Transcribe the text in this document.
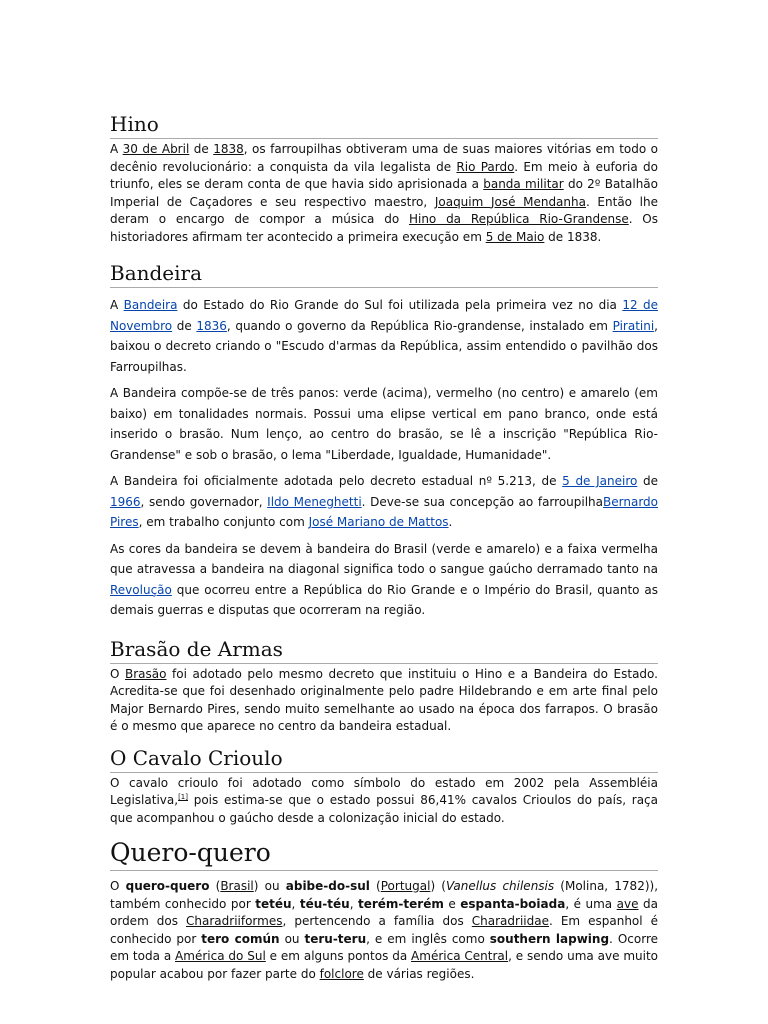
Hino

A 30 de Abril de 1838, os farroupilhas obtiveram uma de suas maiores vitórias em todo o decênio revolucionário: a conquista da vila legalista de Rio Pardo. Em meio à euforia do triunfo, eles se deram conta de que havia sido aprisionada a banda militar do 2º Batalhão Imperial de Caçadores e seu respectivo maestro, Joaquim José Mendanha. Então lhe deram o encargo de compor a música do Hino da República Rio-Grandense. Os historiadores afirmam ter acontecido a primeira execução em 5 de Maio de 1838.

Bandeira

A Bandeira do Estado do Rio Grande do Sul foi utilizada pela primeira vez no dia 12 de Novembro de 1836, quando o governo da República Rio-grandense, instalado em Piratini, baixou o decreto criando o "Escudo d'armas da República, assim entendido o pavilhão dos Farroupilhas.

A Bandeira compõe-se de três panos: verde (acima), vermelho (no centro) e amarelo (em baixo) em tonalidades normais. Possui uma elipse vertical em pano branco, onde está inserido o brasão. Num lenço, ao centro do brasão, se lê a inscrição "República Rio-Grandense" e sob o brasão, o lema "Liberdade, Igualdade, Humanidade".

A Bandeira foi oficialmente adotada pelo decreto estadual nº 5.213, de 5 de Janeiro de 1966, sendo governador, Ildo Meneghetti. Deve-se sua concepção ao farroupilhaBernardo Pires, em trabalho conjunto com José Mariano de Mattos.

As cores da bandeira se devem à bandeira do Brasil (verde e amarelo) e a faixa vermelha que atravessa a bandeira na diagonal significa todo o sangue gaúcho derramado tanto na Revolução que ocorreu entre a República do Rio Grande e o Império do Brasil, quanto as demais guerras e disputas que ocorreram na região.

Brasão de Armas

O Brasão foi adotado pelo mesmo decreto que instituiu o Hino e a Bandeira do Estado. Acredita-se que foi desenhado originalmente pelo padre Hildebrando e em arte final pelo Major Bernardo Pires, sendo muito semelhante ao usado na época dos farrapos. O brasão é o mesmo que aparece no centro da bandeira estadual.

O Cavalo Crioulo

O cavalo crioulo foi adotado como símbolo do estado em 2002 pela Assembléia Legislativa,[1] pois estima-se que o estado possui 86,41% cavalos Crioulos do país, raça que acompanhou o gaúcho desde a colonização inicial do estado.

Quero-quero

O quero-quero (Brasil) ou abibe-do-sul (Portugal) (Vanellus chilensis (Molina, 1782)), também conhecido por tetéu, téu-téu, terém-terém e espanta-boiada, é uma ave da ordem dos Charadriiformes, pertencendo a família dos Charadriidae. Em espanhol é conhecido por tero común ou teru-teru, e em inglês como southern lapwing. Ocorre em toda a América do Sul e em alguns pontos da América Central, e sendo uma ave muito popular acabou por fazer parte do folclore de várias regiões.
